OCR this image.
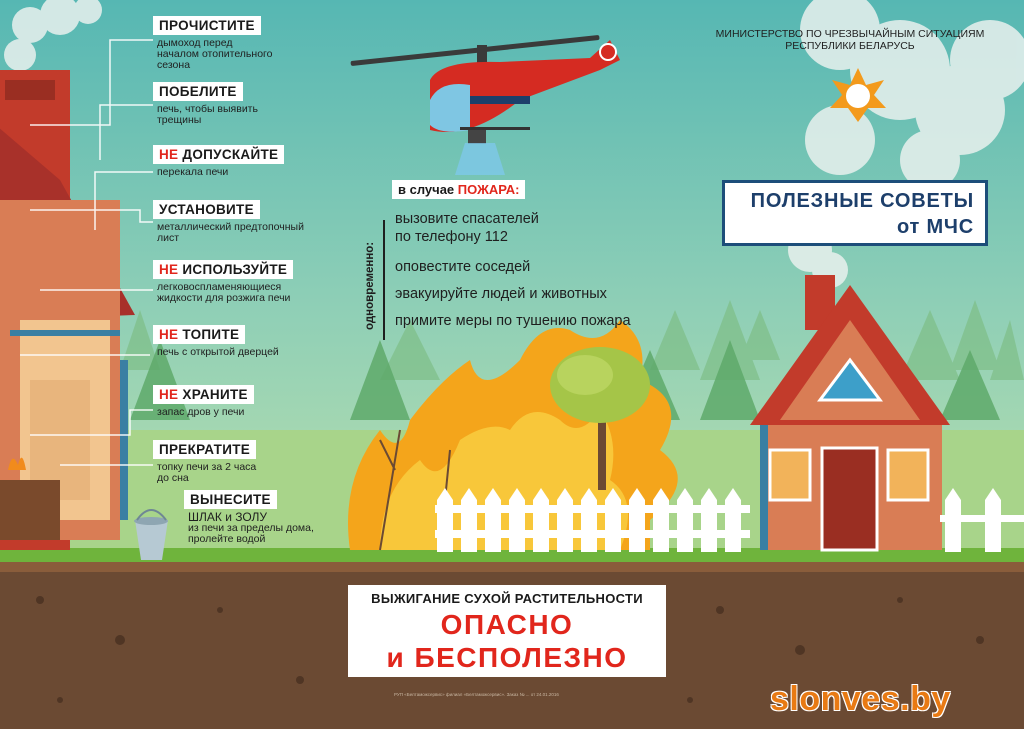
ПРОЧИСТИТЕ
дымоход перед
началом отопительного
сезона
ПОБЕЛИТЕ
печь, чтобы выявить
трещины
НЕ ДОПУСКАЙТЕ
перекала печи
УСТАНОВИТЕ
металлический предтопочный
лист
НЕ ИСПОЛЬЗУЙТЕ
легковоспламеняющиеся
жидкости для розжига печи
НЕ ТОПИТЕ
печь с открытой дверцей
НЕ ХРАНИТЕ
запас дров у печи
ПРЕКРАТИТЕ
топку печи за 2 часа
до сна
ВЫНЕСИТЕ
ШЛАК и ЗОЛУ
из печи за пределы дома,
пролейте водой
МИНИСТЕРСТВО ПО ЧРЕЗВЫЧАЙНЫМ СИТУАЦИЯМ
РЕСПУБЛИКИ БЕЛАРУСЬ
ПОЛЕЗНЫЕ СОВЕТЫ
от МЧС
в случае ПОЖАРА:
одновременно:
вызовите спасателей
по телефону 112
оповестите соседей
эвакуируйте людей и животных
примите меры по тушению пожара
ВЫЖИГАНИЕ СУХОЙ РАСТИТЕЛЬНОСТИ
ОПАСНО
и БЕСПОЛЕЗНО
РУП «Белтаможсервис» филиал «Белтаможсервис». Заказ № ... от 24.01.2016	slonves.by
